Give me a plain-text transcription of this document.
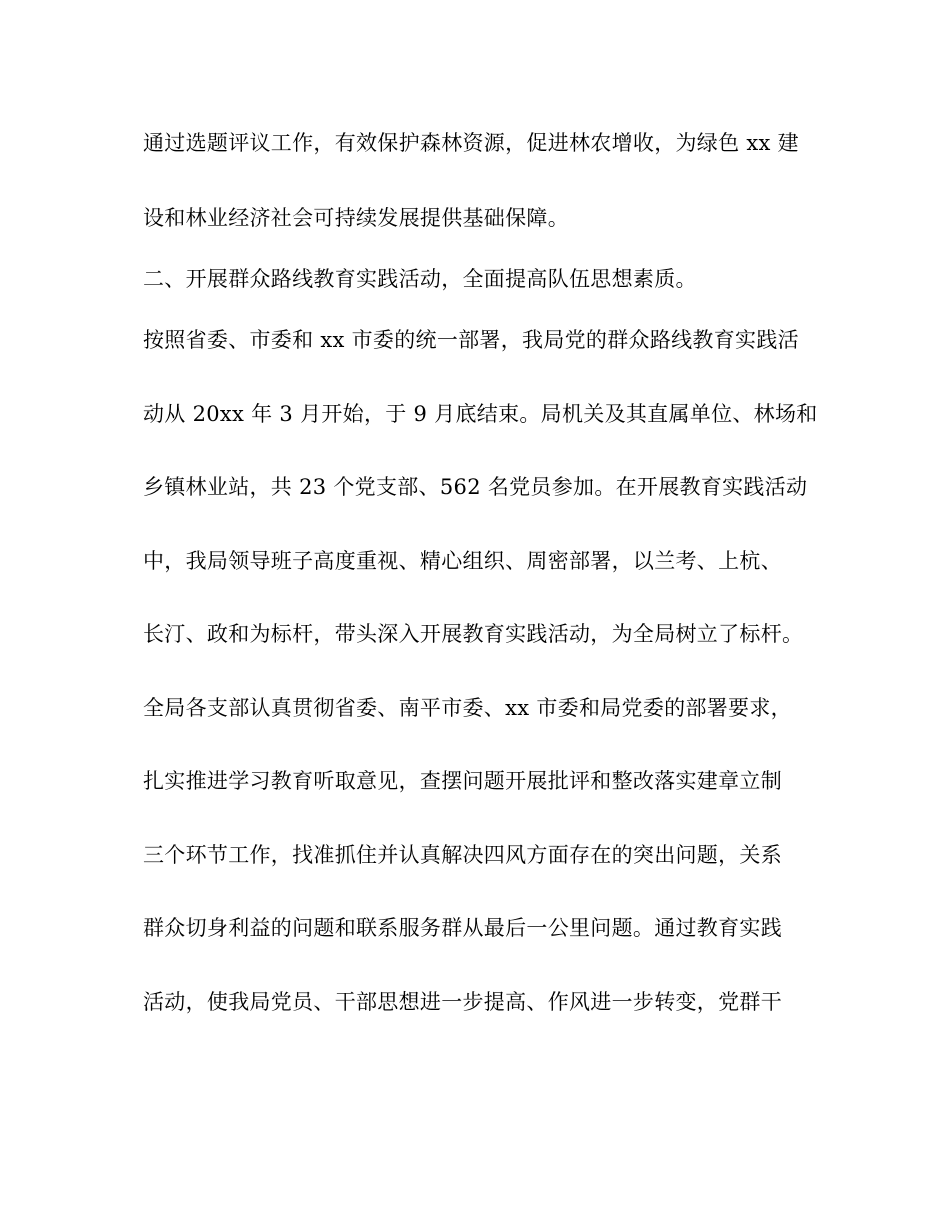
通过选题评议工作，有效保护森林资源，促进林农增收，为绿色 xx 建
设和林业经济社会可持续发展提供基础保障。
二、开展群众路线教育实践活动，全面提高队伍思想素质。
按照省委、市委和 xx 市委的统一部署，我局党的群众路线教育实践活
动从 20xx 年 3 月开始，于 9 月底结束。局机关及其直属单位、林场和
乡镇林业站，共 23 个党支部、562 名党员参加。在开展教育实践活动
中，我局领导班子高度重视、精心组织、周密部署，以兰考、上杭、
长汀、政和为标杆，带头深入开展教育实践活动，为全局树立了标杆。
全局各支部认真贯彻省委、南平市委、xx 市委和局党委的部署要求，
扎实推进学习教育听取意见，查摆问题开展批评和整改落实建章立制
三个环节工作，找准抓住并认真解决四风方面存在的突出问题，关系
群众切身利益的问题和联系服务群从最后一公里问题。通过教育实践
活动，使我局党员、干部思想进一步提高、作风进一步转变，党群干
